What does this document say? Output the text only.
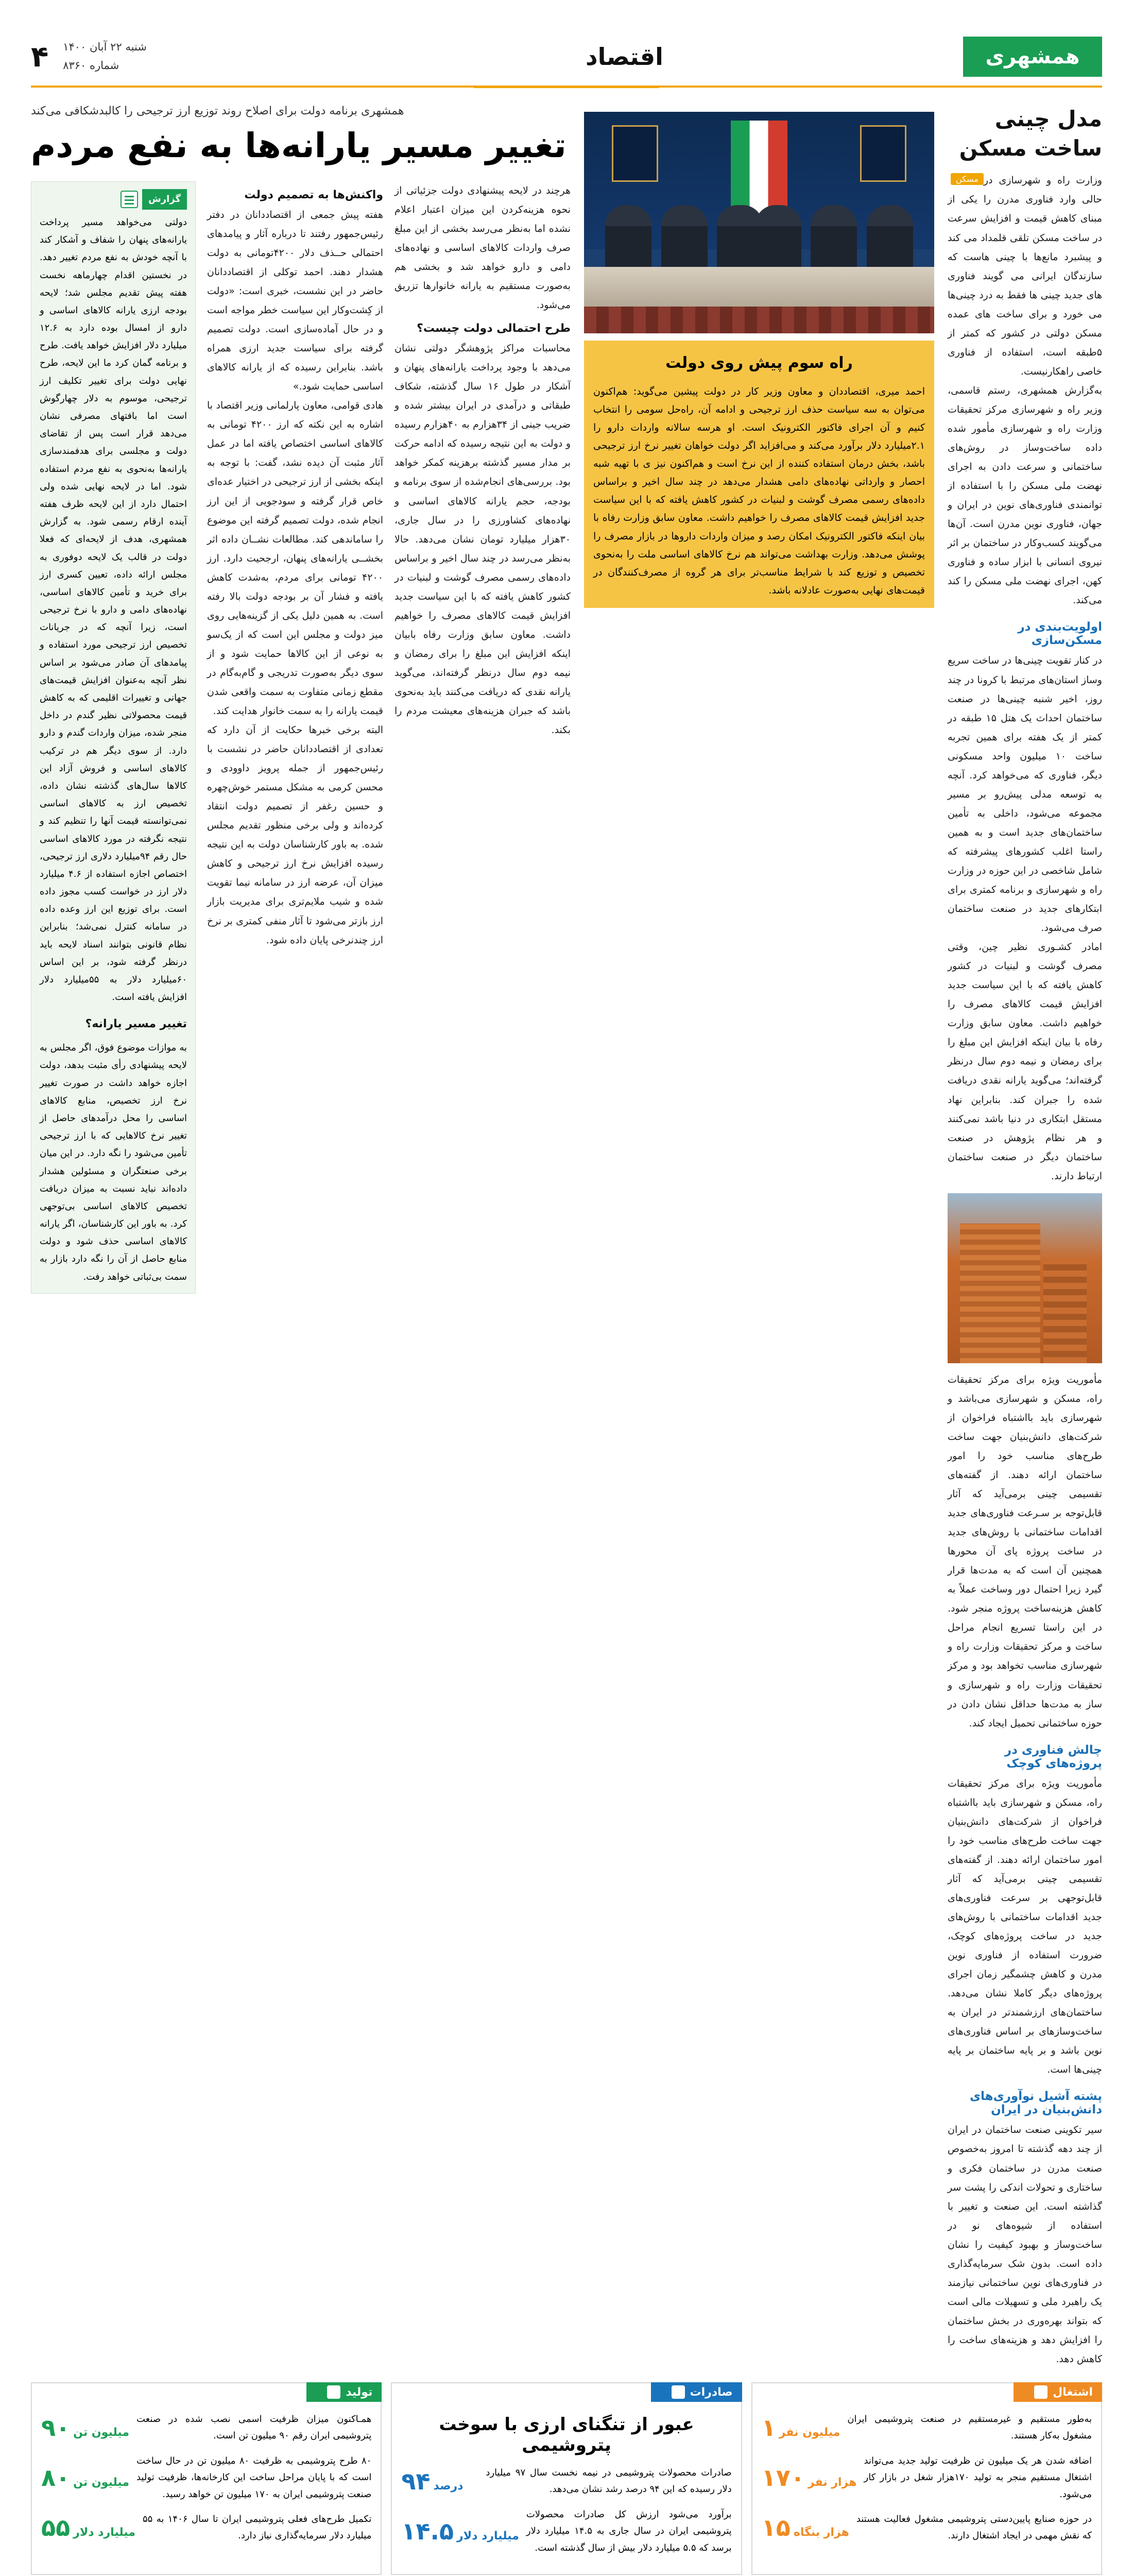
همشهری
اقتصاد
شنبه ۲۲ آبان ۱۴۰۰
شماره ۸۳۶۰
۴
مدل چینی ساخت مسکن
مسکن وزارت راه و شهرسازی در حالی وارد فناوری مدرن را یکی از مبنای کاهش قیمت و افزایش سرعت در ساخت مسکن تلقی قلمداد می کند و پیشبرد مانع‌ها با چینی هاست که سازندگان ایرانی می گویند فناوری های جدید چینی ها فقط به درد چینی‌ها می خورد و برای ساخت های عمده مسکن دولتی در کشور که کمتر از ۵طبقه است، استفاده از فناوری خاصی راهکارنیست.

به‌گزارش همشهری، رستم قاسمی، وزیر راه و شهرسازی مرکز تحقیقات وزارت راه و شهرسازی مأمور شده داده ساخت‌وساز در روش‌های ساختمانی و سرعت دادن به اجرای نهضت ملی مسکن را با استفاده از توانمندی فناوری‌های نوین در ایران و جهان، فناوری نوین مدرن است. آن‌ها می‌گویند کسب‌وکار در ساختمان بر اثر نیروی انسانی با ابزار ساده و فناوری کهن، اجرای نهضت ملی مسکن را کند می‌کند.

اولویت‌بندی در مسکن‌سازی

در کنار تقویت چینی‌ها در ساخت سریع وساز استان‌های مرتبط با کرونا در چند روز، اخیر شنبه چینی‌ها در صنعت ساختمان احداث یک هتل ۱۵ طبقه در کمتر از یک هفته برای همین تجربه ساخت ۱۰ میلیون واحد مسکونی دیگر، فناوری که می‌خواهد کرد. آنچه به توسعه مدلی پیش‌رو بر مسیر مجموعه می‌شود، داخلی به تأمین ساختمان‌های جدید است و به همین راستا اغلب کشورهای پیشرفته که شامل شاخصی در این حوزه در وزارت راه و شهرسازی و برنامه کمتری برای ابتکارهای جدید در صنعت ساختمان صرف می‌شود.

امادر کشـوری نظیر چین، وقتی مصرف گوشت و لبنیات در کشور کاهش یافته که با این سیاست جدید افزایش قیمت کالاهای مصرف را خواهیم داشت. معاون سابق وزارت رفاه با بیان اینکه افزایش این مبلغ را برای رمضان و نیمه دوم سال درنظر گرفته‌اند؛ می‌گوید یارانه نقدی دریافت شده را جبران کند. بنابراین نهاد مستقل ابتکاری در دنیا باشد نمی‌کنند و هر نظام پژوهش در صنعت ساختمان دیگر در صنعت ساختمان ارتباط دارند.

مأموریت ویژه برای مرکز تحقیقات راه، مسکن و شهرسازی می‌باشد و شهرسازی باید بااشتباه فراخوان از شرکت‌های دانش‌بنیان جهت ساخت طرح‌های مناسب خود را امور ساختمان ارائه دهند. از گفته‌های تقسیمی چینی برمی‌آید که آثار قابل‌توجه بر سـرعت فناوری‌های جدید اقدامات ساختمانی با روش‌های جدید در ساخت پروژه پای آن محورها همچنین آن است که به مدت‌ها قرار گیرد زیرا احتمال دور وساخت عملاً به کاهش هزینه‌ساخت پروژه منجر شود. در این راستا تسریع انجام مراحل ساخت و مرکز تحقیقات وزارت راه و شهرسازی مناسب تخواهد بود و مرکز تحقیقات وزارت راه و شهرسازی و ساز به مدت‌ها حداقل نشان دادن در حوزه ساختمانی تحمیل ایجاد کند.

چالش فناوری در پروژه‌های کوچک

مأموریت ویژه برای مرکز تحقیقات راه، مسکن و شهرسازی باید بااشتباه فراخوان از شرکت‌های دانش‌بنیان جهت ساخت طرح‌های مناسب خود را امور ساختمان ارائه دهند. از گفته‌های تقسیمی چینی برمی‌آید که آثار قابل‌توجهی بر سرعت فناوری‌های جدید اقدامات ساختمانی با روش‌های جدید در ساخت پروژه‌های کوچک، ضرورت استفاده از فناوری نوین مدرن و کاهش چشمگیر زمان اجرای پروژه‌های دیگر کاملا نشان می‌دهد. ساختمان‌های ارزشمندتر در ایران به ساخت‌وسازهای بر اساس فناوری‌های نوین باشد و بر پایه ساختمان بر پایه چینی‌ها است.

پشته آشیل نوآوری‌های دانش‌بنیان در ایران

سیر تکوینی صنعت ساختمان در ایران از چند دهه گذشته تا امروز به‌خصوص صنعت مدرن در ساختمان فکری و ساختاری و تحولات اندکی را پشت سر گذاشته است. این صنعت و تغییر با استفاده از شیوه‌های نو در ساخت‌وساز و بهبود کیفیت را نشان داده است. بدون شک سرمایه‌گذاری در فناوری‌های نوین ساختمانی نیازمند یک راهبرد ملی و تسهیلات مالی است که بتواند بهره‌وری در بخش ساختمان را افزایش دهد و هزینه‌های ساخت را کاهش دهد.

راه سوم پیش روی دولت
احمد میری، اقتصاددان و معاون وزیر کار در دولت پیشین می‌گوید: هم‌اکنون می‌توان به سه سیاست حذف ارز ترجیحی و ادامه آن، راه‌حل سومی را انتخاب کنیم و آن اجرای فاکتور الکترونیک است. او هرسه سالانه واردات دارو را ۲.۱میلیارد دلار برآورد می‌کند و می‌افزاید اگر دولت خواهان تغییر نرخ ارز ترجیحی باشد، بخش درمان استفاده کننده از این نرخ است و هم‌اکنون نیز ی با تهیه شبه احصار و وارداتی نهاده‌های دامی هشدار می‌دهد در چند سال اخیر و براساس داده‌های رسمی مصرف گوشت و لبنیات در کشور کاهش یافته که با این سیاست جدید افزایش قیمت کالاهای مصرف را خواهیم داشت. معاون سابق وزارت رفاه با بیان اینکه فاکتور الکترونیک امکان رصد و میزان واردات داروها در بازار مصرف را پوشش می‌دهد. وزارت بهداشت می‌تواند هم نرخ کالاهای اساسی ملت را به‌نحوی تخصیص و توزیع کند با شرایط مناسب‌تر برای هر گروه از مصرف‌کنندگان در قیمت‌های نهایی به‌صورت عادلانه باشد.
همشهری برنامه دولت برای اصلاح روند توزیع ارز ترجیحی را کالبدشکافی می‌کند
تغییر مسیر یارانه‌ها به نفع مردم

هرچند در لایحه پیشنهادی دولت جزئیاتی از نحوه هزینه‌کردن این میزان اعتبار اعلام نشده اما به‌نظر می‌رسد بخشی از این مبلغ صرف واردات کالاهای اساسی و نهاده‌های دامی و دارو خواهد شد و بخشی هم به‌صورت مستقیم به یارانه خانوارها تزریق می‌شود.

طرح احتمالی دولت چیست؟

محاسبات مراکز پژوهشگر دولتی نشان می‌دهد با وجود پرداخت یارانه‌های پنهان و آشکار در طول ۱۶ سال گذشته، شکاف طبقاتی و درآمدی در ایران بیشتر شده و ضریب جینی از ۳۴هزارم به ۴۰هزارم رسیده و دولت به این نتیجه رسیده که ادامه حرکت بر مدار مسیر گذشته برهزینه کمکر خواهد بود. بررسی‌های انجام‌شده از سوی برنامه و بودجه، حجم یارانه کالاهای اساسی و نهاده‌های کشاورزی را در سال جاری، ۳۰هزار میلیارد تومان نشان می‌دهد. حالا به‌نظر می‌رسد در چند سال اخیر و براساس داده‌های رسمی مصرف گوشت و لبنیات در کشور کاهش یافته که با این سیاست جدید افزایش قیمت کالاهای مصرف را خواهیم داشت. معاون سابق وزارت رفاه بابیان اینکه افزایش این مبلغ را برای رمضان و نیمه دوم سال درنظر گرفته‌اند، می‌گوید یارانه نقدی که دریافت می‌کنند باید به‌نحوی باشد که جبران هزینه‌های معیشت مردم را بکند.

واکنش‌ها به تصمیم دولت

هفته پیش جمعی از اقتصاددانان در دفتر رئیس‌جمهور رفتند تا درباره آثار و پیامدهای احتمالی حــذف دلار ۴۲۰۰تومانی به دولت هشدار دهند. احمد توکلی از اقتصاددانان حاضر در این نشست، خبری است: «دولت از کِشت‌وکار این سیاست خطر مواجه است و در حال آماده‌سازی است. دولت تصمیم گرفته برای سیاست جدید ارزی همراه باشد. بنابراین رسیده که از یارانه کالاهای اساسی حمایت شود.»

هادی قوامی، معاون پارلمانی وزیر اقتصاد با اشاره به این نکته که ارز ۴۲۰۰ تومانی به کالاهای اساسی اختصاص یافته اما در عمل آثار مثبت آن دیده نشد، گفت: با توجه به اینکه بخشی از ارز ترجیحی در اختیار عده‌ای خاص قرار گرفته و سودجویی از این ارز انجام شده، دولت تصمیم گرفته این موضوع را ساماندهی کند. مطالعات نشــان داده اثر بخشــی یارانه‌های پنهان، ارجحیت دارد. ارز ۴۲۰۰ تومانی برای مردم، به‌شدت کاهش یافته و فشار آن بر بودجه دولت بالا رفته است. به همین دلیل یکی از گزینه‌هایی روی میز دولت و مجلس این است که از یک‌سو به نوعی از این کالاها حمایت شود و از سوی دیگر به‌صورت تدریجی و گام‌به‌گام در مقطع زمانی متفاوت به سمت واقعی شدن قیمت یارانه را به سمت خانوار هدایت کند.

البته برخی خبرها حکایت از آن دارد که تعدادی از اقتصاددانان حاضر در نشست با رئیس‌جمهور از جمله پرویز داوودی و محسن کرمی به مشکل مستمر خوش‌چهره و حسین رغفر از تصمیم دولت انتقاد کرده‌اند و ولی برخی منظور تقدیم مجلس شده. به باور کارشناسان دولت به این نتیجه رسیده افزایش نرخ ارز ترجیحی و کاهش میزان آن، عرضه ارز در سامانه نیما تقویت شده و شیب ملایم‌تری برای مدیریت بازار ارز بازتر می‌شود تا آثار منفی کمتری بر نرخ ارز چندنرخی پایان داده شود.

گزارش
دولتی می‌خواهد مسیر پرداخت یارانه‌های پنهان را شفاف و آشکار کند با آنچه خودش به نفع مردم تغییر دهد. در نخستین اقدام چهارماهه نخست هفته پیش تقدیم مجلس شد؛ لایحه بودجه ارزی یارانه کالاهای اساسی و دارو از امسال بوده دارد به ۱۲.۶ میلیارد دلار افزایش خواهد یافت. طرح و برنامه گمان کرد ما این لایحه، طرح نهایی دولت برای تغییر تکلیف ارز ترجیحی، موسوم به دلار چهارگوش است اما بافتهای مصرفی نشان می‌دهد قرار است پس از تقاضای دولت و مجلسی برای هدفمندسازی یارانه‌ها به‌نحوی به نفع مردم استفاده شود. اما در لایحه نهایی شده ولی احتمال دارد از این لایحه ظرف هفته آینده ارقام رسمی شود. به گزارش همشهری، هدف از لایحه‌ای که فعلا دولت در قالب یک لایحه دوفوری به مجلس ارائه داده، تعیین کسری ارز برای خرید و تأمین کالاهای اساسی، نهاده‌های دامی و دارو با نرخ ترجیحی است، زیرا آنچه که در جریانات تخصیص ارز ترجیحی مورد استفاده و پیامدهای آن صادر می‌شود بر اساس نظر آنچه به‌عنوان افزایش قیمت‌های جهانی و تغییرات اقلیمی که به کاهش قیمت محصولاتی نظیر گندم در داخل منجر شده، میزان واردات گندم و دارو دارد. از سوی دیگر هم در ترکیب کالاهای اساسی و فروش آزاد این کالاها سال‌های گذشته نشان داده، تخصیص ارز به کالاهای اساسی نمی‌توانسته قیمت آنها را تنظیم کند و نتیجه نگرفته در مورد کالاهای اساسی حال رقم ۹۴میلیارد دلاری ارز ترجیحی، اختصاص اجازه استفاده از ۴.۶ میلیارد دلار ارز در خواست کسب مجوز داده است. برای توزیع این ارز وعده داده در سامانه کنترل نمی‌شد؛ بنابراین نظام قانونی بتوانند اسناد لایحه باید درنظر گرفته شود، بر این اساس ۶۰میلیارد دلار به ۵۵میلیارد دلار افزایش یافته است.
تغییر مسیر یارانه؟
به موازات موضوع فوق، اگر مجلس به لایحه پیشنهادی رأی مثبت بدهد، دولت اجازه خواهد داشت در صورت تغییر نرخ ارز تخصیص، منابع کالاهای اساسی را محل درآمدهای حاصل از تغییر نرخ کالاهایی که با ارز ترجیحی تأمین می‌شود را نگه دارد. در این میان برخی صنعتگران و مسئولین هشدار داده‌اند نباید نسبت به میزان دریافت تخصیص کالاهای اساسی بی‌توجهی کرد. به باور این کارشناسان، اگر یارانه کالاهای اساسی حذف شود و دولت منابع حاصل از آن را نگه دارد بازار به سمت بی‌ثباتی خواهد رفت.
اشتغال
به‌طور مستقیم و غیرمستقیم در صنعت پتروشیمی ایران مشغول به‌کار هستند.
میلیون نفر
۱
اضافه شدن هر یک میلیون تن ظرفیت تولید جدید می‌تواند اشتغال مستقیم منجر به تولید ۱۷۰هزار شغل در بازار کار می‌شود.
هزار نفر
۱۷۰
در حوزه صنایع پایین‌دستی پتروشیمی مشغول فعالیت هستند که نقش مهمی در ایجاد اشتغال دارند.
هزار بنگاه
۱۵
صادرات
عبور از تنگنای ارزی با سوخت پتروشیمی
صادرات محصولات پتروشیمی در نیمه نخست سال ۹۷ میلیارد دلار رسیده که این ۹۴ درصد رشد نشان می‌دهد.
درصد
۹۴
برآورد می‌شود ارزش کل صادرات محصولات پتروشیمی ایران در سال جاری به ۱۴.۵ میلیارد دلار برسد که ۵.۵ میلیارد دلار بیش از سال گذشته است.
میلیارد دلار
۱۴.۵
تولید
همـاکنون میزان ظرفیت اسمی نصب شده در صنعت پتروشیمی ایران رقم ۹۰ میلیون تن است.
میلیون تن
۹۰
۸۰ طرح پتروشیمی به ظرفیت ۸۰ میلیون تن در حال ساخت است که با پایان مراحل ساخت این کارخانه‌ها، ظرفیت تولید صنعت پتروشیمی ایران به ۱۷۰ میلیون تن خواهد رسید.
میلیون تن
۸۰
تکمیل طرح‌های فعلی پتروشیمی ایران تا سال ۱۴۰۶ به ۵۵ میلیارد دلار سرمایه‌گذاری نیاز دارد.
میلیارد دلار
۵۵
